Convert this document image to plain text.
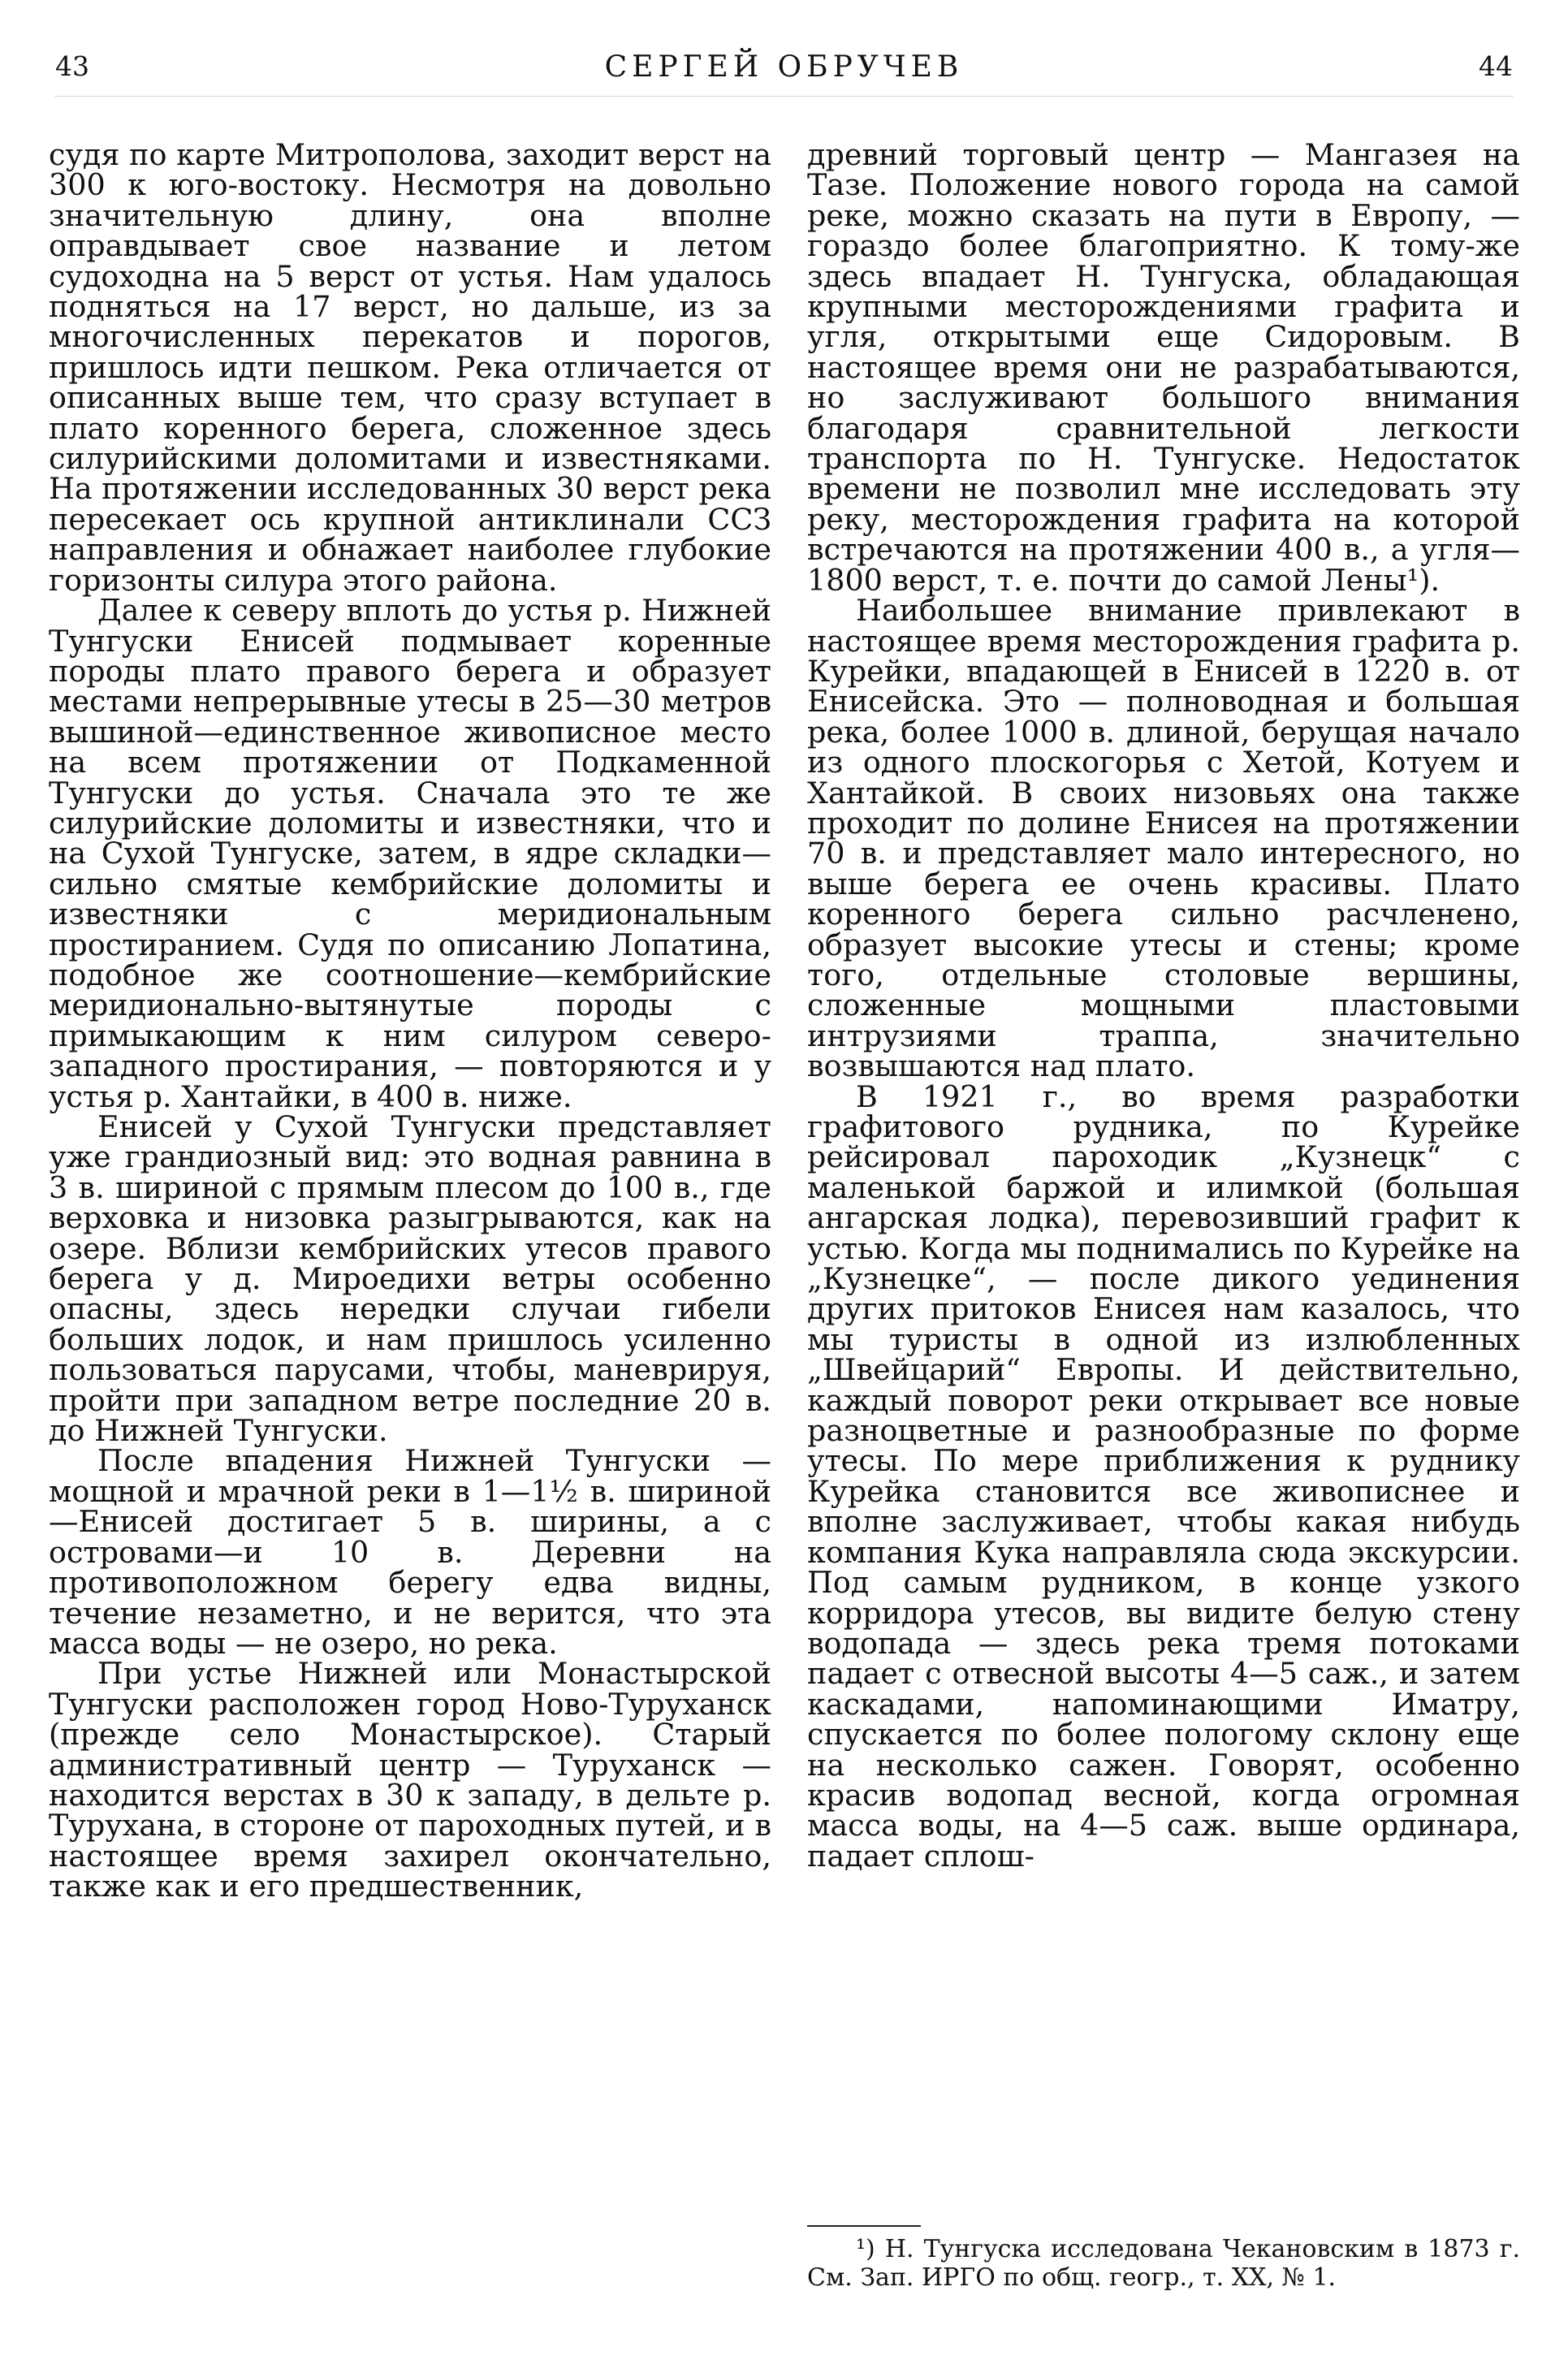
43	СЕРГЕЙ ОБРУЧЕВ	44

судя по карте Митрополова, заходит верст на 300 к юго-востоку. Несмотря на довольно значительную длину, она вполне оправдывает свое название и летом судоходна на 5 верст от устья. Нам удалось подняться на 17 верст, но дальше, из за многочисленных перекатов и порогов, пришлось идти пешком. Река отличается от описанных выше тем, что сразу вступает в плато коренного берега, сложенное здесь силурийскими доломитами и известняками. На протяжении исследованных 30 верст река пересекает ось крупной антиклинали ССЗ направления и обнажает наиболее глубокие горизонты силура этого района.

Далее к северу вплоть до устья р. Нижней Тунгуски Енисей подмывает коренные породы плато правого берега и образует местами непрерывные утесы в 25—30 метров вышиной—единственное живописное место на всем протяжении от Подкаменной Тунгуски до устья. Сначала это те же силурийские доломиты и известняки, что и на Сухой Тунгуске, затем, в ядре складки—сильно смятые кембрийские доломиты и известняки с меридиональным простиранием. Судя по описанию Лопатина, подобное же соотношение—кембрийские меридионально-вытянутые породы с примыкающим к ним силуром северо-западного простирания, — повторяются и у устья р. Хантайки, в 400 в. ниже.

Енисей у Сухой Тунгуски представляет уже грандиозный вид: это водная равнина в 3 в. шириной с прямым плесом до 100 в., где верховка и низовка разыгрываются, как на озере. Вблизи кембрийских утесов правого берега у д. Мироедихи ветры особенно опасны, здесь нередки случаи гибели больших лодок, и нам пришлось усиленно пользоваться парусами, чтобы, маневрируя, пройти при западном ветре последние 20 в. до Нижней Тунгуски.

После впадения Нижней Тунгуски — мощной и мрачной реки в 1—1½ в. шириной—Енисей достигает 5 в. ширины, а с островами—и 10 в. Деревни на противоположном берегу едва видны, течение незаметно, и не верится, что эта масса воды — не озеро, но река.

При устье Нижней или Монастырской Тунгуски расположен город Ново-Туруханск (прежде село Монастырское). Старый административный центр — Туруханск — находится верстах в 30 к западу, в дельте р. Турухана, в стороне от пароходных путей, и в настоящее время захирел окончательно, также как и его предшественник,

древний торговый центр — Мангазея на Тазе. Положение нового города на самой реке, можно сказать на пути в Европу, — гораздо более благоприятно. К тому-же здесь впадает Н. Тунгуска, обладающая крупными месторождениями графита и угля, открытыми еще Сидоровым. В настоящее время они не разрабатываются, но заслуживают большого внимания благодаря сравнительной легкости транспорта по Н. Тунгуске. Недостаток времени не позволил мне исследовать эту реку, месторождения графита на которой встречаются на протяжении 400 в., а угля—1800 верст, т. е. почти до самой Лены¹).

Наибольшее внимание привлекают в настоящее время месторождения графита р. Курейки, впадающей в Енисей в 1220 в. от Енисейска. Это — полноводная и большая река, более 1000 в. длиной, берущая начало из одного плоскогорья с Хетой, Котуем и Хантайкой. В своих низовьях она также проходит по долине Енисея на протяжении 70 в. и представляет мало интересного, но выше берега ее очень красивы. Плато коренного берега сильно расчленено, образует высокие утесы и стены; кроме того, отдельные столовые вершины, сложенные мощными пластовыми интрузиями траппа, значительно возвышаются над плато.

В 1921 г., во время разработки графитового рудника, по Курейке рейсировал пароходик „Кузнецк“ с маленькой баржой и илимкой (большая ангарская лодка), перевозивший графит к устью. Когда мы поднимались по Курейке на „Кузнецке“, — после дикого уединения других притоков Енисея нам казалось, что мы туристы в одной из излюбленных „Швейцарий“ Европы. И действительно, каждый поворот реки открывает все новые разноцветные и разнообразные по форме утесы. По мере приближения к руднику Курейка становится все живописнее и вполне заслуживает, чтобы какая нибудь компания Кука направляла сюда экскурсии. Под самым рудником, в конце узкого корридора утесов, вы видите белую стену водопада — здесь река тремя потоками падает с отвесной высоты 4—5 саж., и затем каскадами, напоминающими Иматру, спускается по более пологому склону еще на несколько сажен. Говорят, особенно красив водопад весной, когда огромная масса воды, на 4—5 саж. выше ординара, падает сплош-

¹) Н. Тунгуска исследована Чекановским в 1873 г. См. Зап. ИРГО по общ. геогр., т. XX, № 1.
